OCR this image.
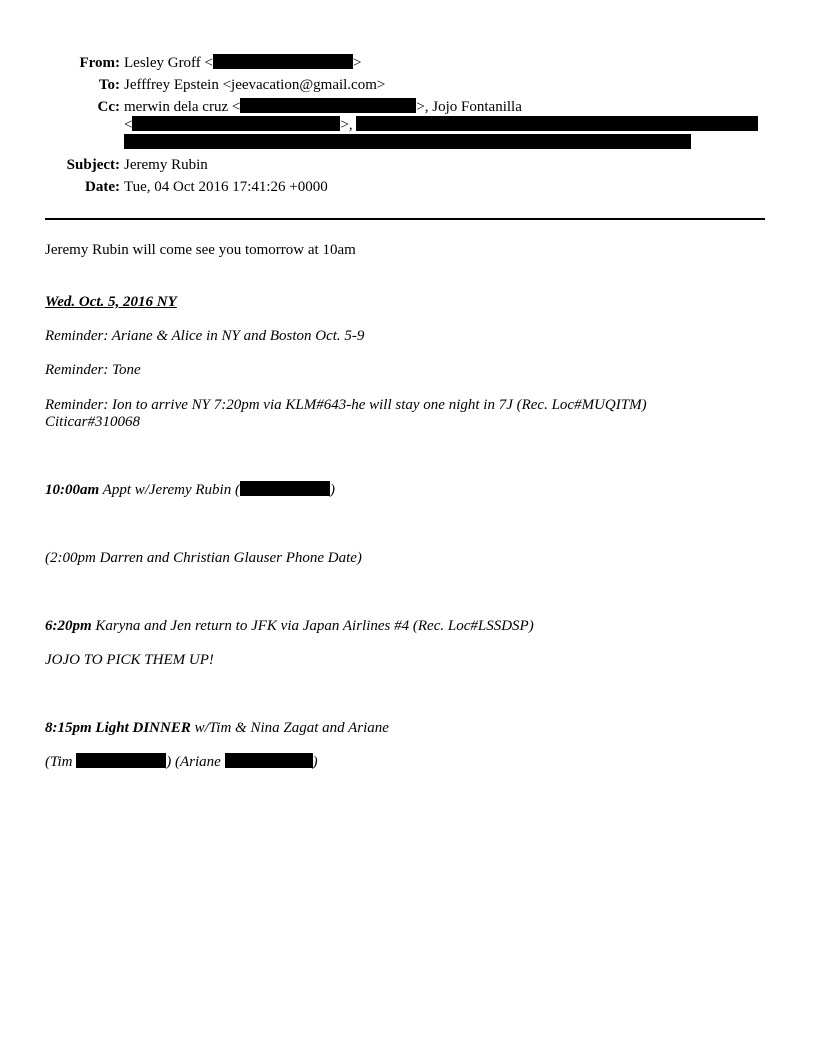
From: Lesley Groff <	>
To: Jefffrey Epstein <jeevacation@gmail.com>
Cc: merwin dela cruz <	>, Jojo Fontanilla
<	>,
Subject: Jeremy Rubin
Date: Tue, 04 Oct 2016 17:41:26 +0000
Jeremy Rubin will come see you tomorrow at 10am
Wed. Oct. 5, 2016 NY
Reminder: Ariane & Alice in NY and Boston Oct. 5-9
Reminder: Tone
Reminder: Ion to arrive NY 7:20pm via KLM#643-he will stay one night in 7J (Rec. Loc#MUQITM)
Citicar#310068
10:00am Appt w/Jeremy Rubin (	)
(2:00pm Darren and Christian Glauser Phone Date)
6:20pm Karyna and Jen return to JFK via Japan Airlines #4 (Rec. Loc#LSSDSP)
JOJO TO PICK THEM UP!
8:15pm Light DINNER w/Tim & Nina Zagat and Ariane
(Tim	) (Ariane	)
